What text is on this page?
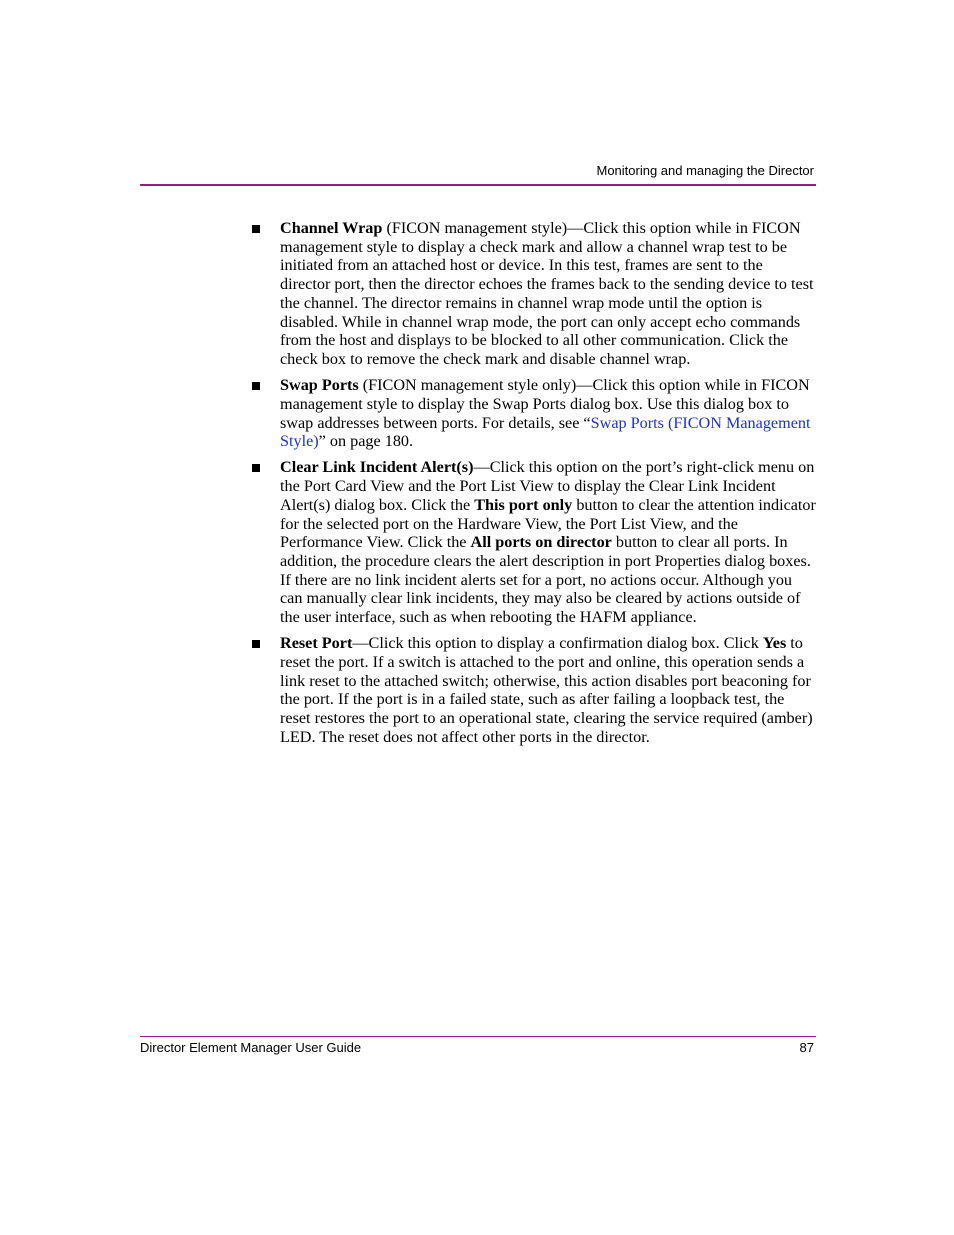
Monitoring and managing the Director
Channel Wrap (FICON management style)—Click this option while in FICON management style to display a check mark and allow a channel wrap test to be initiated from an attached host or device. In this test, frames are sent to the director port, then the director echoes the frames back to the sending device to test the channel. The director remains in channel wrap mode until the option is disabled. While in channel wrap mode, the port can only accept echo commands from the host and displays to be blocked to all other communication. Click the check box to remove the check mark and disable channel wrap.
Swap Ports (FICON management style only)—Click this option while in FICON management style to display the Swap Ports dialog box. Use this dialog box to swap addresses between ports. For details, see “Swap Ports (FICON Management Style)” on page 180.
Clear Link Incident Alert(s)—Click this option on the port’s right-click menu on the Port Card View and the Port List View to display the Clear Link Incident Alert(s) dialog box. Click the This port only button to clear the attention indicator for the selected port on the Hardware View, the Port List View, and the Performance View. Click the All ports on director button to clear all ports. In addition, the procedure clears the alert description in port Properties dialog boxes. If there are no link incident alerts set for a port, no actions occur. Although you can manually clear link incidents, they may also be cleared by actions outside of the user interface, such as when rebooting the HAFM appliance.
Reset Port—Click this option to display a confirmation dialog box. Click Yes to reset the port. If a switch is attached to the port and online, this operation sends a link reset to the attached switch; otherwise, this action disables port beaconing for the port. If the port is in a failed state, such as after failing a loopback test, the reset restores the port to an operational state, clearing the service required (amber) LED. The reset does not affect other ports in the director.
Director Element Manager User Guide	87
